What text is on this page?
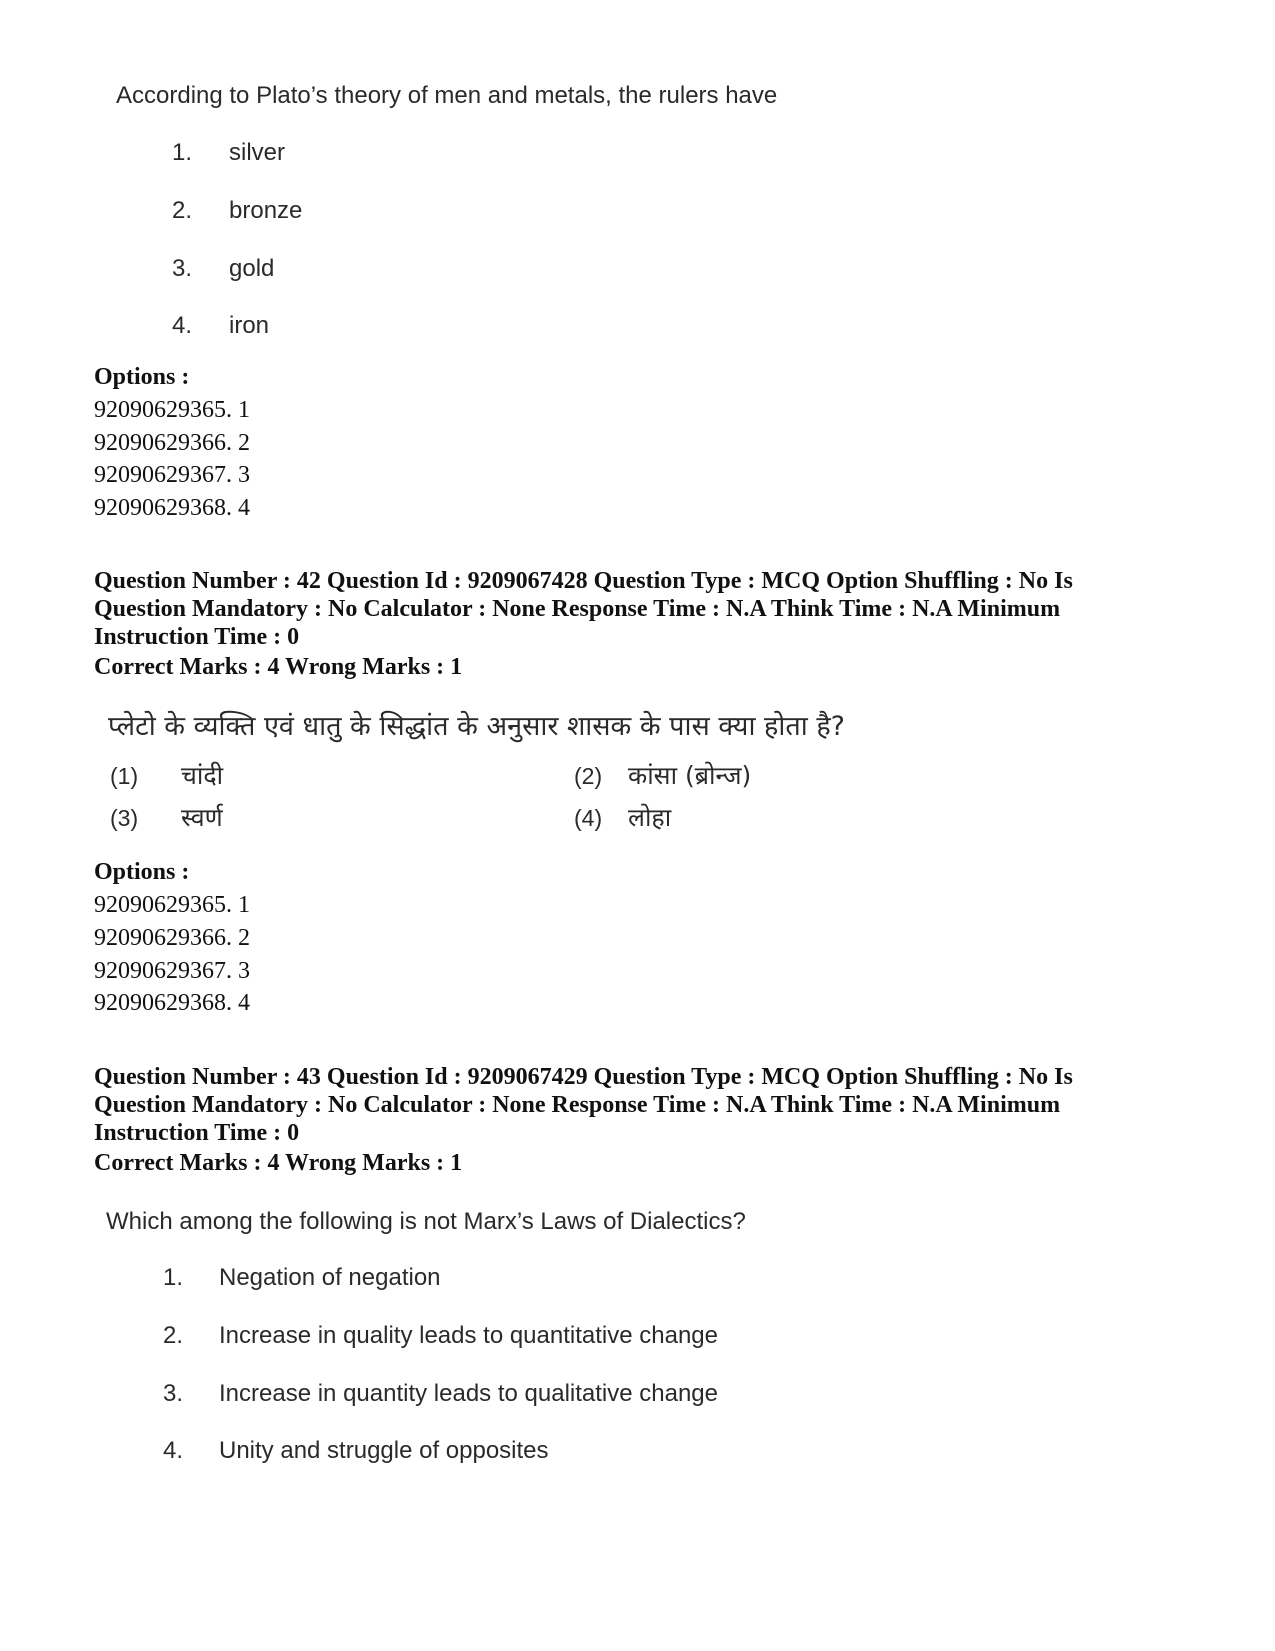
According to Plato’s theory of men and metals, the rulers have
1. silver
2. bronze
3. gold
4. iron
Options :
92090629365. 1
92090629366. 2
92090629367. 3
92090629368. 4
Question Number : 42 Question Id : 9209067428 Question Type : MCQ Option Shuffling : No Is
Question Mandatory : No Calculator : None Response Time : N.A Think Time : N.A Minimum
Instruction Time : 0
Correct Marks : 4 Wrong Marks : 1
प्लेटो के व्यक्ति एवं धातु के सिद्धांत के अनुसार शासक के पास क्या होता है?
(1) चांदी	(2) कांसा (ब्रोन्ज)
(3) स्वर्ण	(4) लोहा
Options :
92090629365. 1
92090629366. 2
92090629367. 3
92090629368. 4
Question Number : 43 Question Id : 9209067429 Question Type : MCQ Option Shuffling : No Is
Question Mandatory : No Calculator : None Response Time : N.A Think Time : N.A Minimum
Instruction Time : 0
Correct Marks : 4 Wrong Marks : 1
Which among the following is not Marx’s Laws of Dialectics?
1. Negation of negation
2. Increase in quality leads to quantitative change
3. Increase in quantity leads to qualitative change
4. Unity and struggle of opposites
